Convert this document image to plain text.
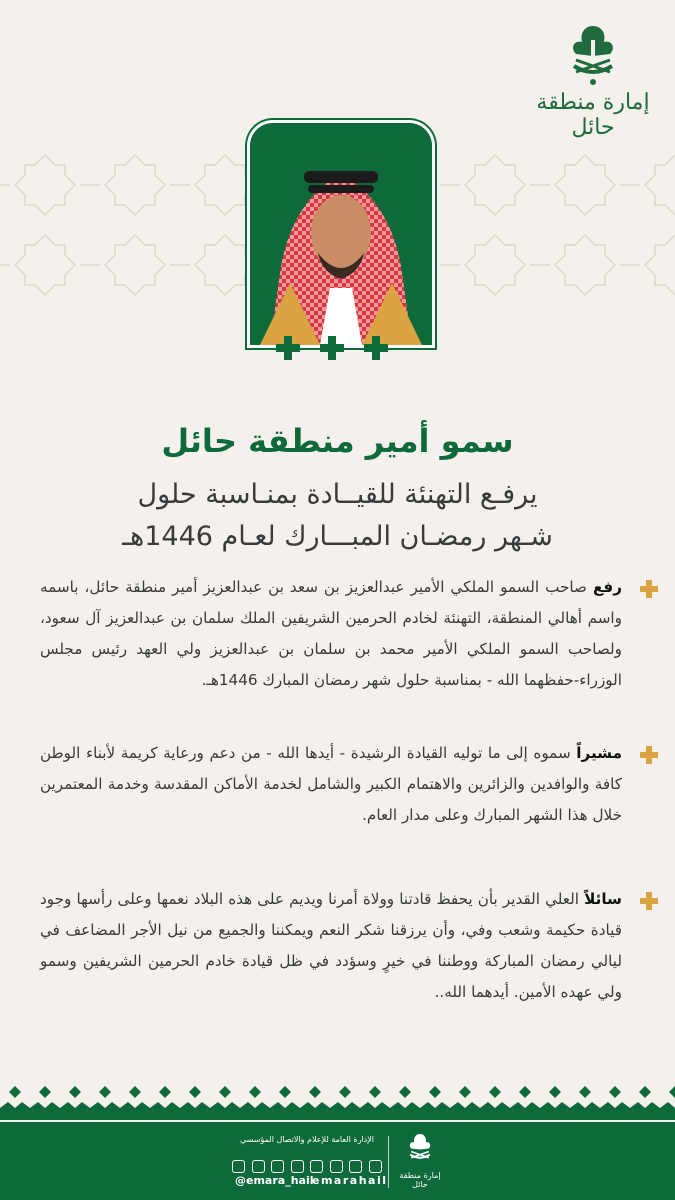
إمارة منطقة حائل
سمو أمير منطقة حائل
يرفـع التهنئة للقيــادة بمنـاسبة حلول
شـهر رمضـان المبـــارك لعـام 1446هـ

رفع صاحب السمو الملكي الأمير عبدالعزيز بن سعد بن عبدالعزيز أمير منطقة حائل، باسمه واسم أهالي المنطقة، التهنئة لخادم الحرمين الشريفين الملك سلمان بن عبدالعزيز آل سعود، ولصاحب السمو الملكي الأمير محمد بن سلمان بن عبدالعزيز ولي العهد رئيس مجلس الوزراء-حفظهما الله - بمناسبة حلول شهر رمضان المبارك 1446هـ.

مشيراً سموه إلى ما توليه القيادة الرشيدة - أيدها الله - من دعم ورعاية كريمة لأبناء الوطن كافة والوافدين والزائرين والاهتمام الكبير والشامل لخدمة الأماكن المقدسة وخدمة المعتمرين خلال هذا الشهر المبارك وعلى مدار العام.

سائلاً العلي القدير بأن يحفظ قادتنا وولاة أمرنا ويديم على هذه البلاد نعمها وعلى رأسها وجود قيادة حكيمة وشعب وفي، وأن يرزقنا شكر النعم ويمكننا والجميع من نيل الأجر المضاعف في ليالي رمضان المباركة ووطننا في خيرٍ وسؤدد في ظل قيادة خادم الحرمين الشريفين وسمو ولي عهده الأمين. أيدهما الله..

الإدارة العامة للإعلام والاتصال المؤسسي
@emara_hail
emarahail	إمارة منطقة حائل
